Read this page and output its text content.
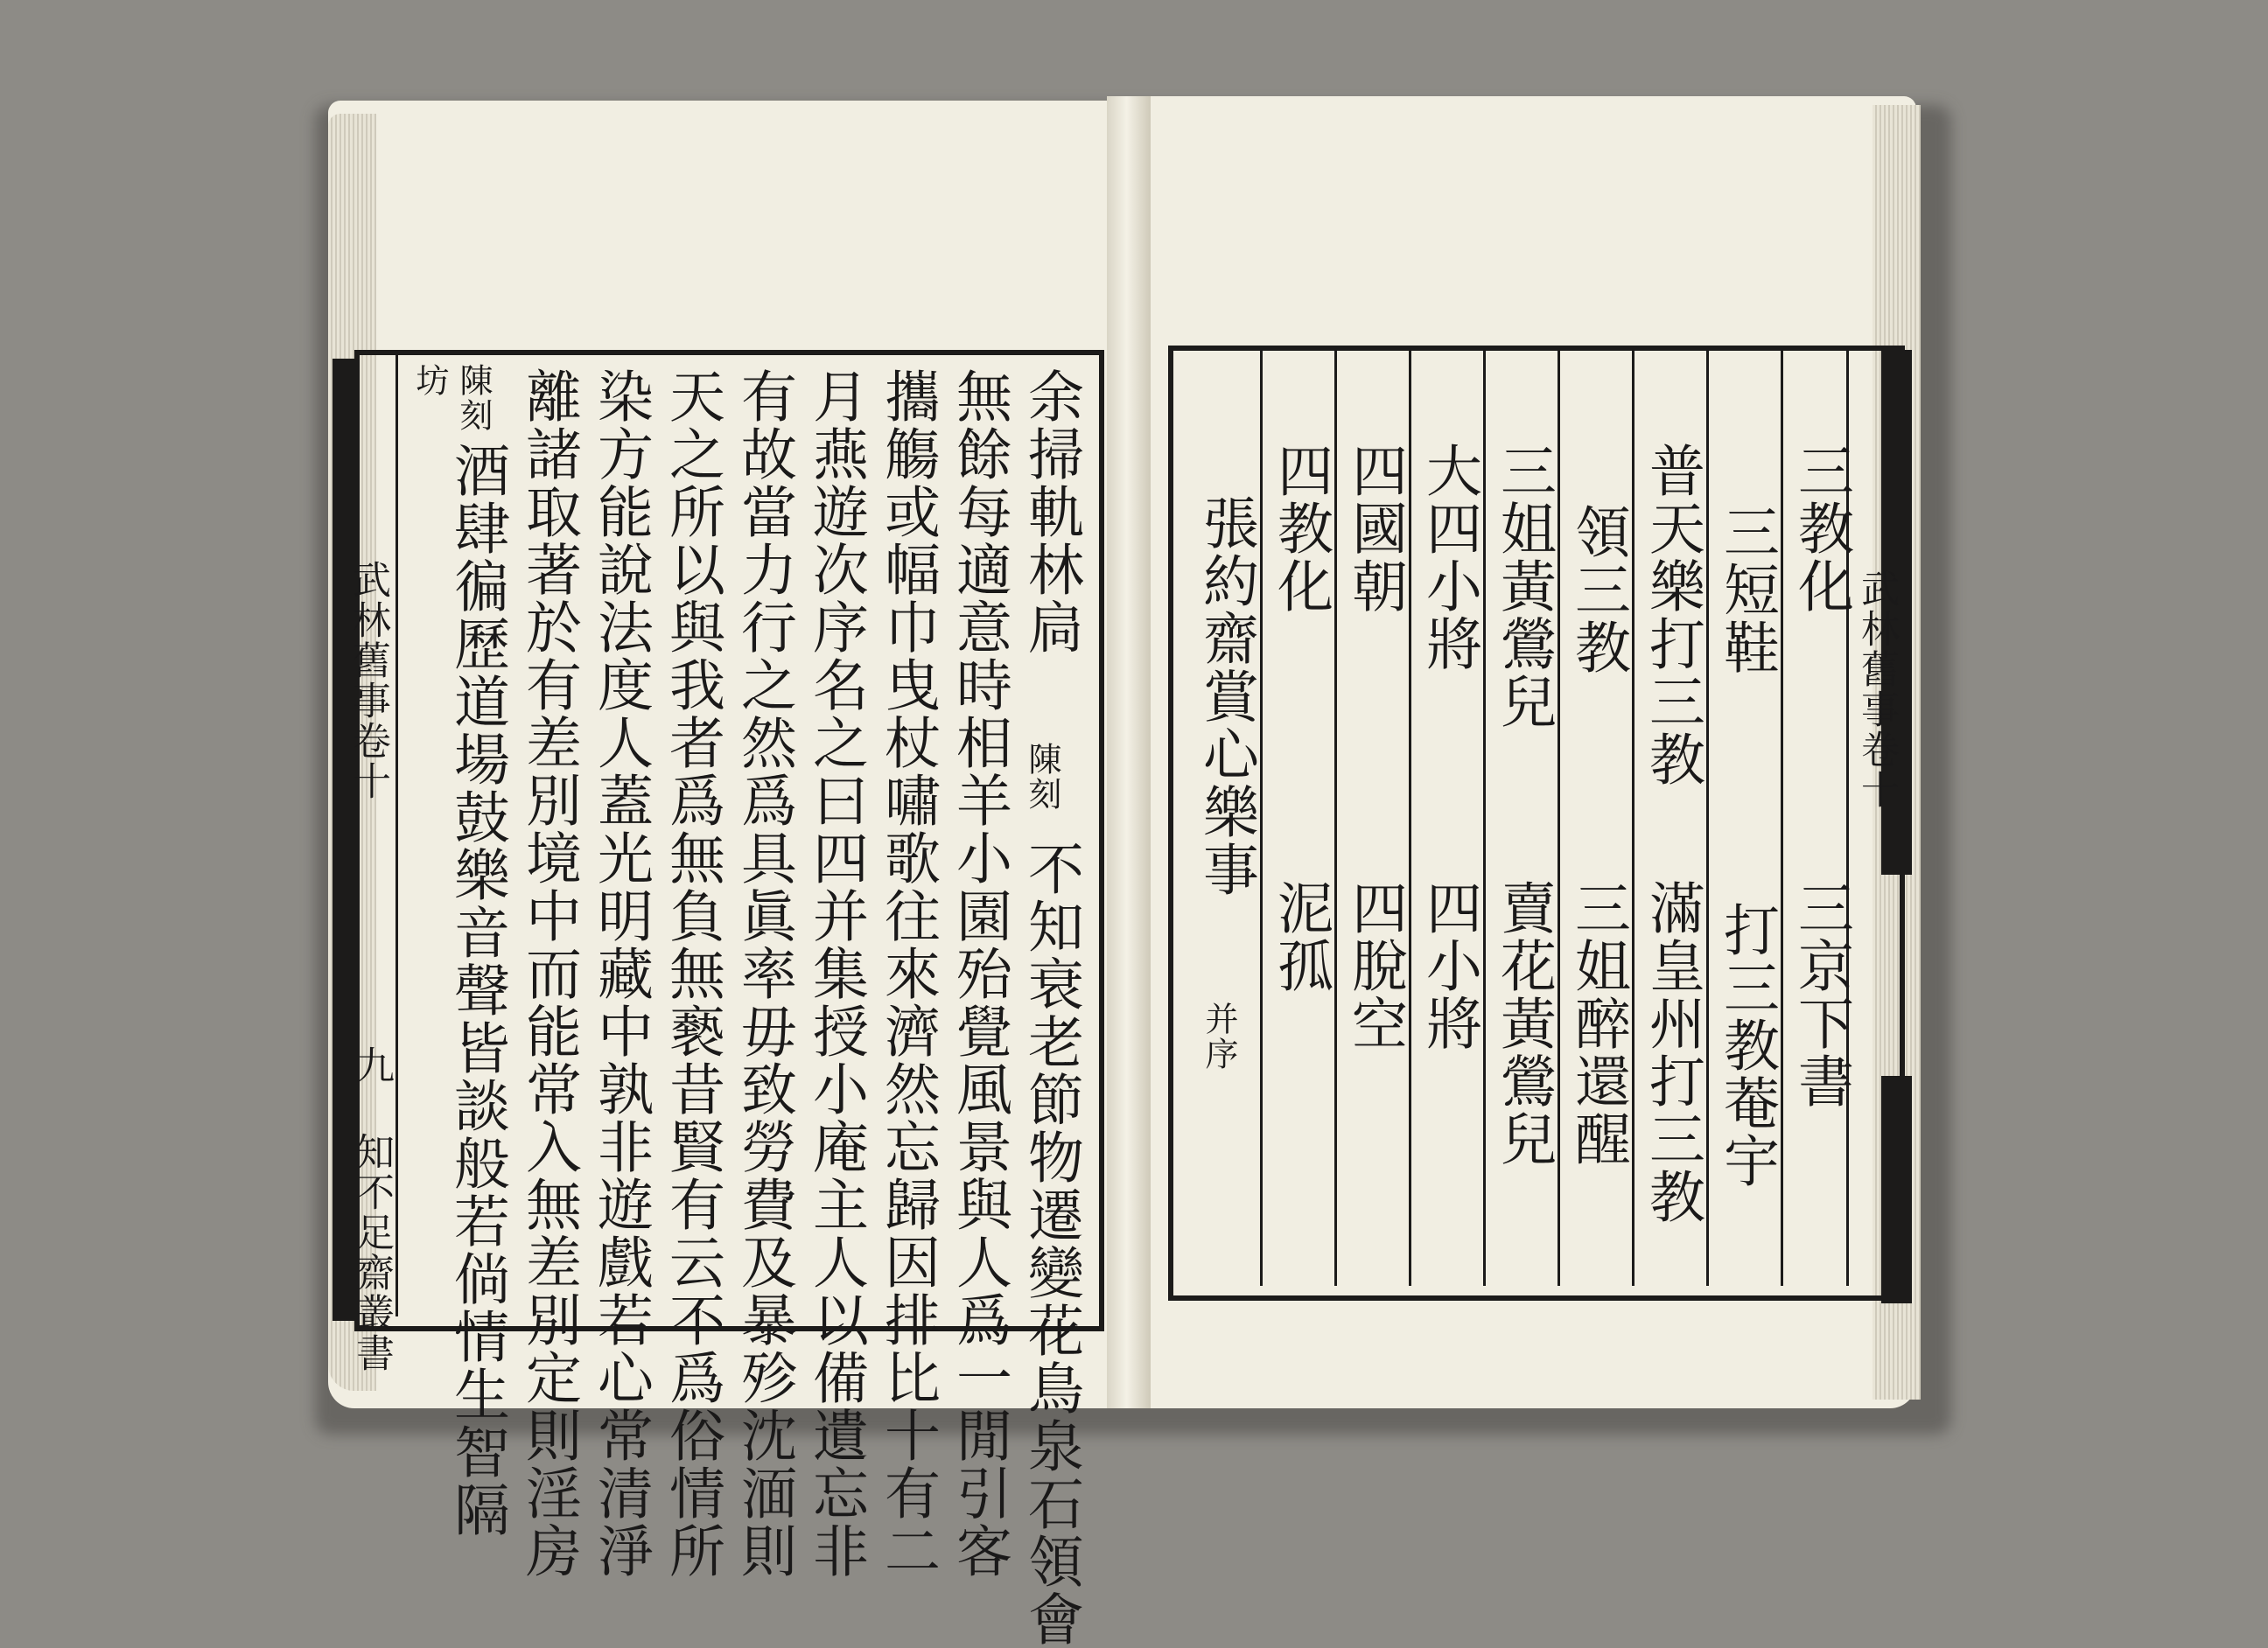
余掃軌林扃
陳刻
不知衰老節物遷變花鳥泉石領會
無餘每適意時相羊小園殆覺風景與人爲一閒引客
攜觴或幅巾曳杖嘯歌往來濟然忘歸因排比十有二
月燕遊次序名之曰四并集授小庵主人以備遺忘非
有故當力行之然爲具眞率毋致勞費及暴殄沈湎則
天之所以與我者爲無負無褻昔賢有云不爲俗情所
染方能說法度人蓋光明藏中孰非遊戲若心常清淨
離諸取著於有差別境中而能常入無差別定則淫房
陳刻
酒肆徧歷道場鼓樂音聲皆談般若倘情生智隔
坊
武林舊事卷十
九 知不足齋叢書
武林舊事卷十
三教化
三京下書
三短鞋
打三教菴宇
普天樂打三教
滿皇州打三教
領三教
三姐醉還醒
三姐黃鶯兒
賣花黃鶯兒
大四小將
四小將
四國朝
四脫空
四教化
泥孤
張約齋賞心樂事
并序
